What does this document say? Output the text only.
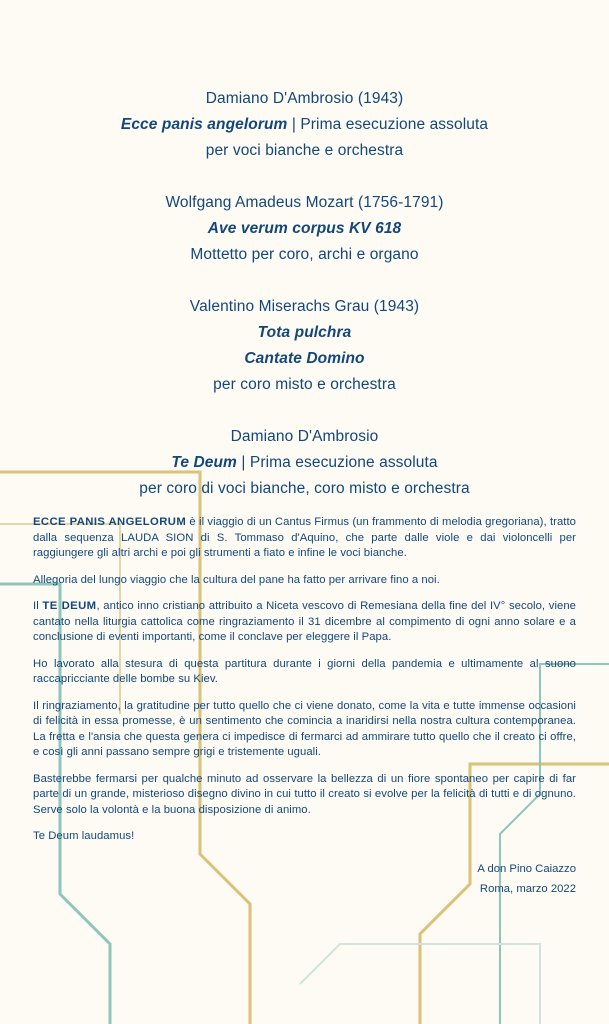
Damiano D'Ambrosio (1943)
Ecce panis angelorum | Prima esecuzione assoluta
per voci bianche e orchestra
Wolfgang Amadeus Mozart (1756-1791)
Ave verum corpus KV 618
Mottetto per coro, archi e organo
Valentino Miserachs Grau (1943)
Tota pulchra
Cantate Domino
per coro misto e orchestra
Damiano D'Ambrosio
Te Deum | Prima esecuzione assoluta
per coro di voci bianche, coro misto e orchestra

ECCE PANIS ANGELORUM è il viaggio di un Cantus Firmus (un frammento di melodia gregoriana), tratto dalla sequenza LAUDA SION di S. Tommaso d'Aquino, che parte dalle viole e dai violoncelli per raggiungere gli altri archi e poi gli strumenti a fiato e infine le voci bianche.

Allegoria del lungo viaggio che la cultura del pane ha fatto per arrivare fino a noi.

Il TE DEUM, antico inno cristiano attribuito a Niceta vescovo di Remesiana della fine del IV° secolo, viene cantato nella liturgia cattolica come ringraziamento il 31 dicembre al compimento di ogni anno solare e a conclusione di eventi importanti, come il conclave per eleggere il Papa.

Ho lavorato alla stesura di questa partitura durante i giorni della pandemia e ultimamente al suono raccapricciante delle bombe su Kiev.

Il ringraziamento, la gratitudine per tutto quello che ci viene donato, come la vita e tutte immense occasioni di felicità in essa promesse, è un sentimento che comincia a inaridirsi nella nostra cultura contemporanea. La fretta e l'ansia che questa genera ci impedisce di fermarci ad ammirare tutto quello che il creato ci offre, e così gli anni passano sempre grigi e tristemente uguali.

Basterebbe fermarsi per qualche minuto ad osservare la bellezza di un fiore spontaneo per capire di far parte di un grande, misterioso disegno divino in cui tutto il creato si evolve per la felicità di tutti e di ognuno. Serve solo la volontà e la buona disposizione di animo.

Te Deum laudamus!

A don Pino Caiazzo
Roma, marzo 2022
